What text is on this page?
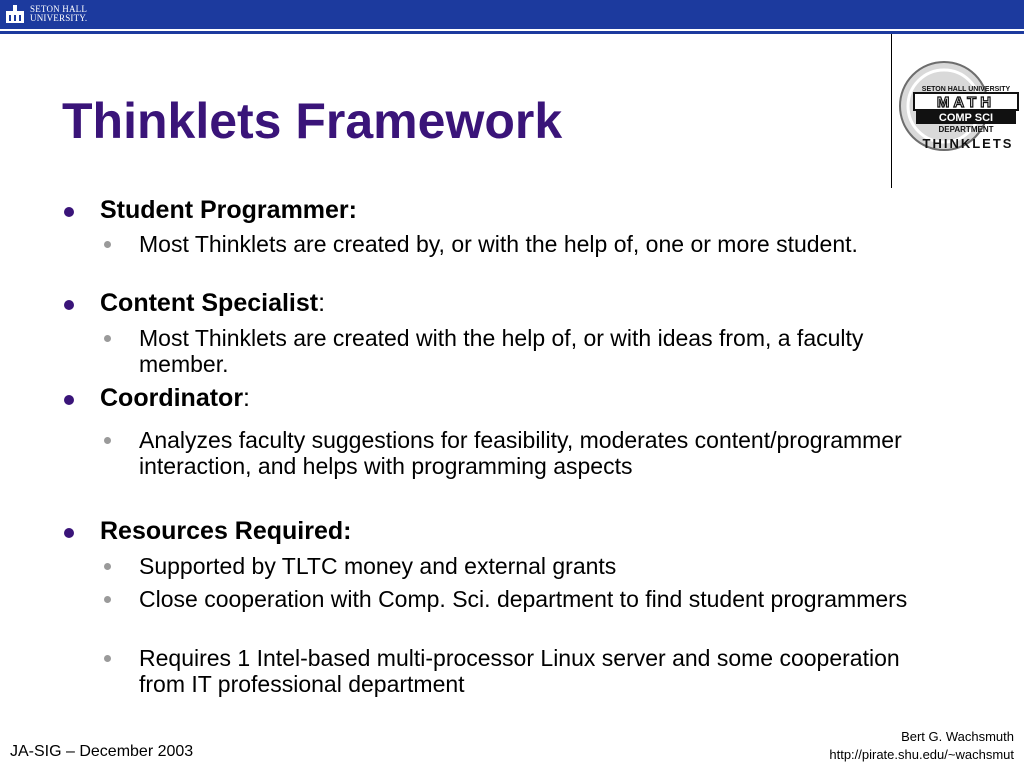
SETON HALL
UNIVERSITY.
SETON HALL UNIVERSITY
MATH
COMP SCI
DEPARTMENT
THINKLETS
Thinklets Framework
Student Programmer:
Most Thinklets are created by, or with the help of, one or more student.
Content Specialist:
Most Thinklets are created with the help of, or with ideas from, a faculty member.
Coordinator:
Analyzes faculty suggestions for feasibility, moderates content/programmer interaction, and helps with programming aspects
Resources Required:
Supported by TLTC money and external grants
Close cooperation with Comp. Sci. department to find student programmers
Requires 1 Intel-based multi-processor Linux server and some cooperation from IT professional department
JA-SIG – December 2003
Bert G. Wachsmuth
http://pirate.shu.edu/~wachsmut
